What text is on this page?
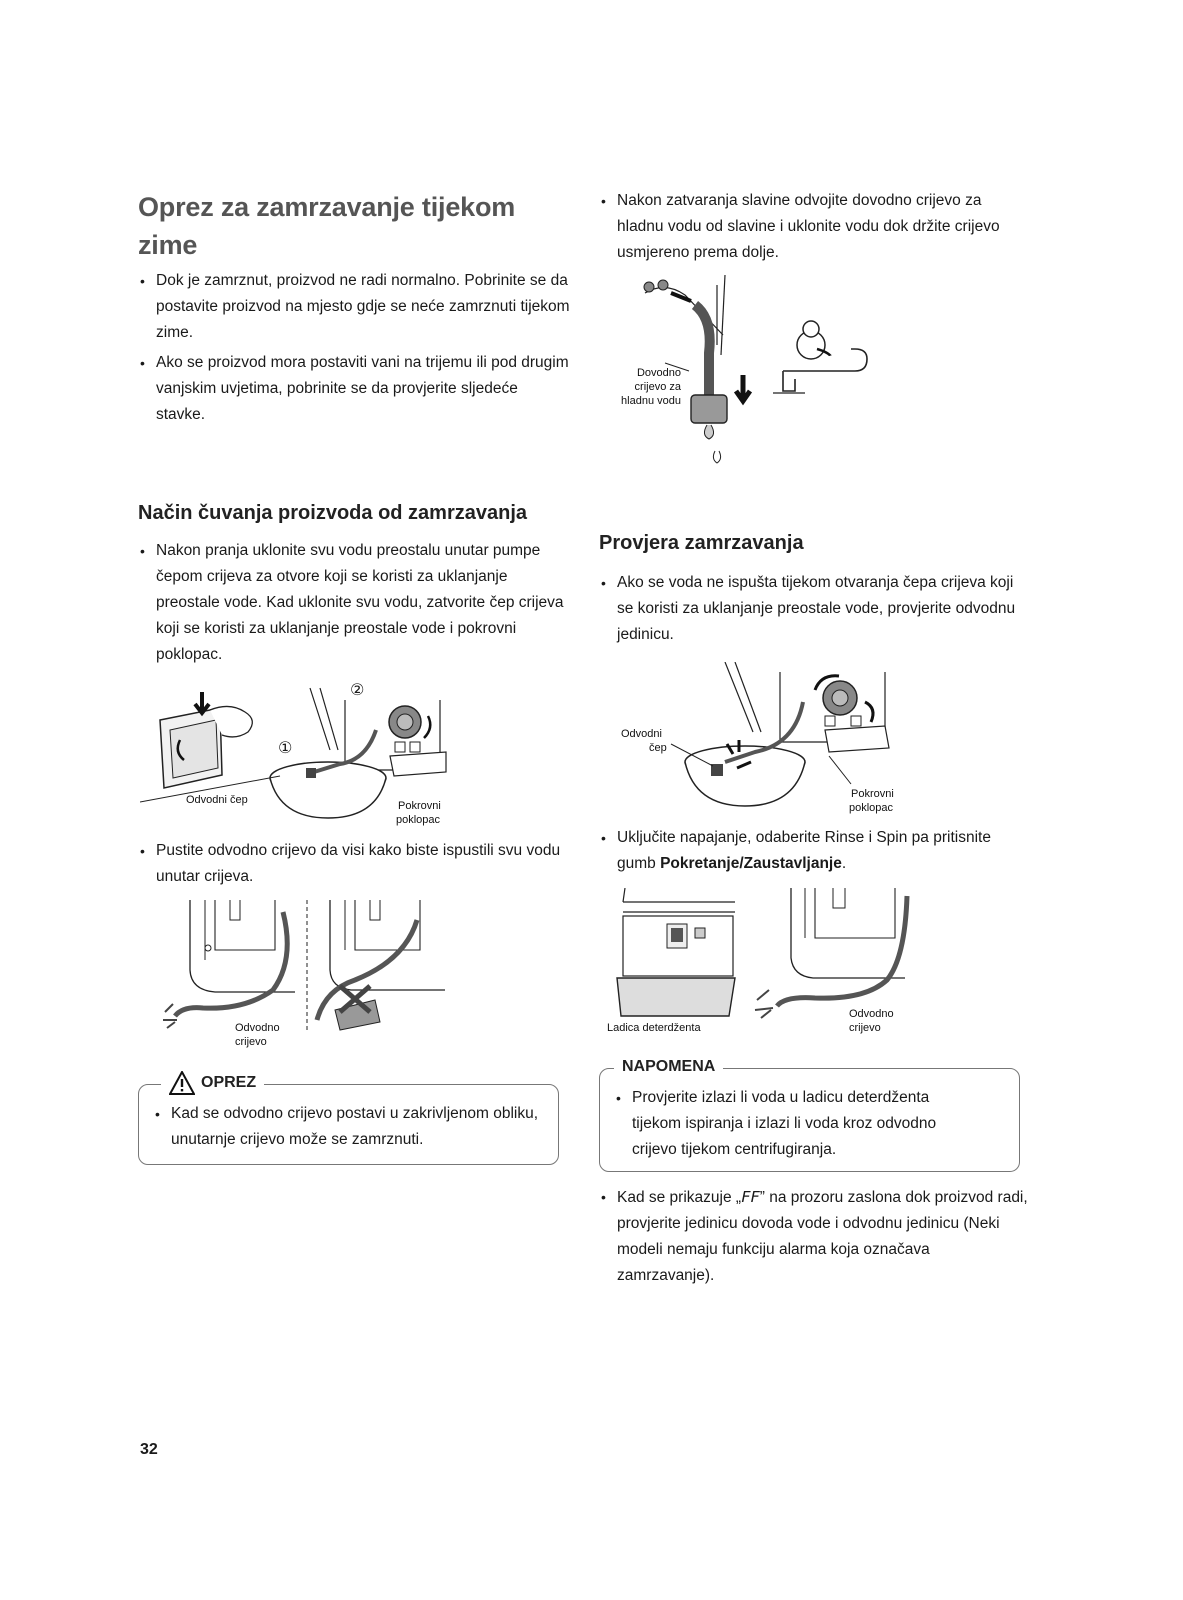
Oprez za zamrzavanje tijekom zime
• Dok je zamrznut, proizvod ne radi normalno. Pobrinite se da postavite proizvod na mjesto gdje se neće zamrznuti tijekom zime.
• Ako se proizvod mora postaviti vani na trijemu ili pod drugim vanjskim uvjetima, pobrinite se da provjerite sljedeće stavke.
Način čuvanja proizvoda od zamrzavanja
• Nakon pranja uklonite svu vodu preostalu unutar pumpe čepom crijeva za otvore koji se koristi za uklanjanje preostale vode. Kad uklonite svu vodu, zatvorite čep crijeva koji se koristi za uklanjanje preostale vode i pokrovni poklopac.
Odvodni čep	Pokrovni
poklopac
①
②
• Pustite odvodno crijevo da visi kako biste ispustili svu vodu unutar crijeva.
Odvodno
crijevo
OPREZ
• Kad se odvodno crijevo postavi u zakrivljenom obliku, unutarnje crijevo može se zamrznuti.
• Nakon zatvaranja slavine odvojite dovodno crijevo za hladnu vodu od slavine i uklonite vodu dok držite crijevo usmjereno prema dolje.
Dovodno
crijevo za
hladnu vodu
Provjera zamrzavanja
• Ako se voda ne ispušta tijekom otvaranja čepa crijeva koji se koristi za uklanjanje preostale vode, provjerite odvodnu jedinicu.
Odvodni
čep
Pokrovni
poklopac
• Uključite napajanje, odaberite Rinse i Spin pa pritisnite gumb Pokretanje/Zaustavljanje.
Ladica deterdženta
Odvodno
crijevo
NAPOMENA
• Provjerite izlazi li voda u ladicu deterdženta tijekom ispiranja i izlazi li voda kroz odvodno crijevo tijekom centrifugiranja.
• Kad se prikazuje „FF” na prozoru zaslona dok proizvod radi, provjerite jedinicu dovoda vode i odvodnu jedinicu (Neki modeli nemaju funkciju alarma koja označava zamrzavanje).
32
